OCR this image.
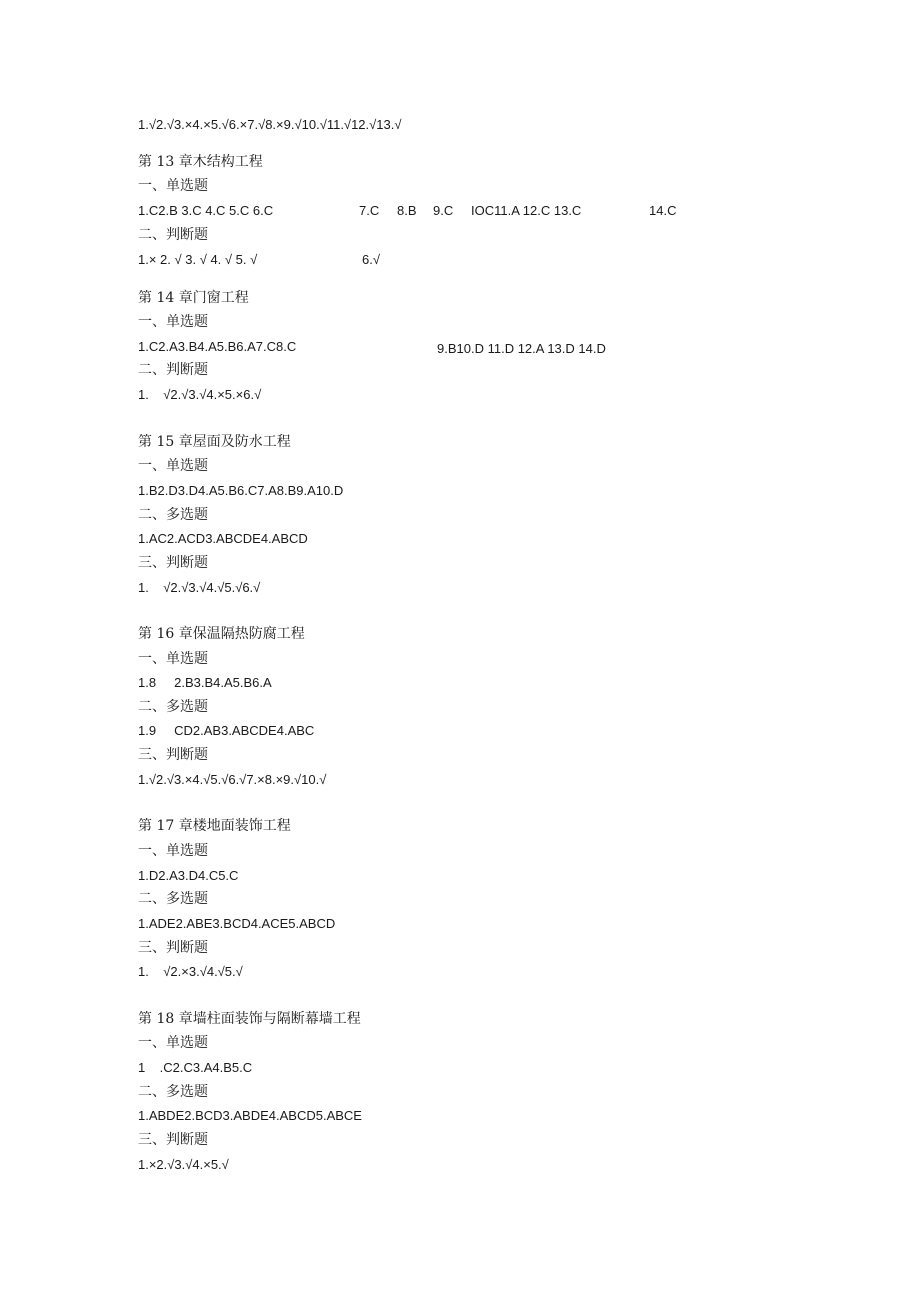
1.√2.√3.×4.×5.√6.×7.√8.×9.√10.√11.√12.√13.√
第 13 章木结构工程
一、单选题
1.C2.B 3.C 4.C 5.C 6.C	7.C 8.B 9.C IOC11.A 12.C 13.C	14.C
二、判断题
1.× 2. √ 3. √ 4. √ 5. √	6.√
第 14 章门窗工程
一、单选题
1.C2.A3.B4.A5.B6.A7.C8.C	9.B10.D 11.D 12.A 13.D 14.D
二、判断题
1.    √2.√3.√4.×5.×6.√
第 15 章屋面及防水工程
一、单选题
1.B2.D3.D4.A5.B6.C7.A8.B9.A10.D
二、多选题
1.AC2.ACD3.ABCDE4.ABCD
三、判断题
1.    √2.√3.√4.√5.√6.√
第 16 章保温隔热防腐工程
一、单选题
1.8     2.B3.B4.A5.B6.A
二、多选题
1.9     CD2.AB3.ABCDE4.ABC
三、判断题
1.√2.√3.×4.√5.√6.√7.×8.×9.√10.√
第 17 章楼地面装饰工程
一、单选题
1.D2.A3.D4.C5.C
二、多选题
1.ADE2.ABE3.BCD4.ACE5.ABCD
三、判断题
1.    √2.×3.√4.√5.√
第 18 章墙柱面装饰与隔断幕墙工程
一、单选题
1    .C2.C3.A4.B5.C
二、多选题
1.ABDE2.BCD3.ABDE4.ABCD5.ABCE
三、判断题
1.×2.√3.√4.×5.√
